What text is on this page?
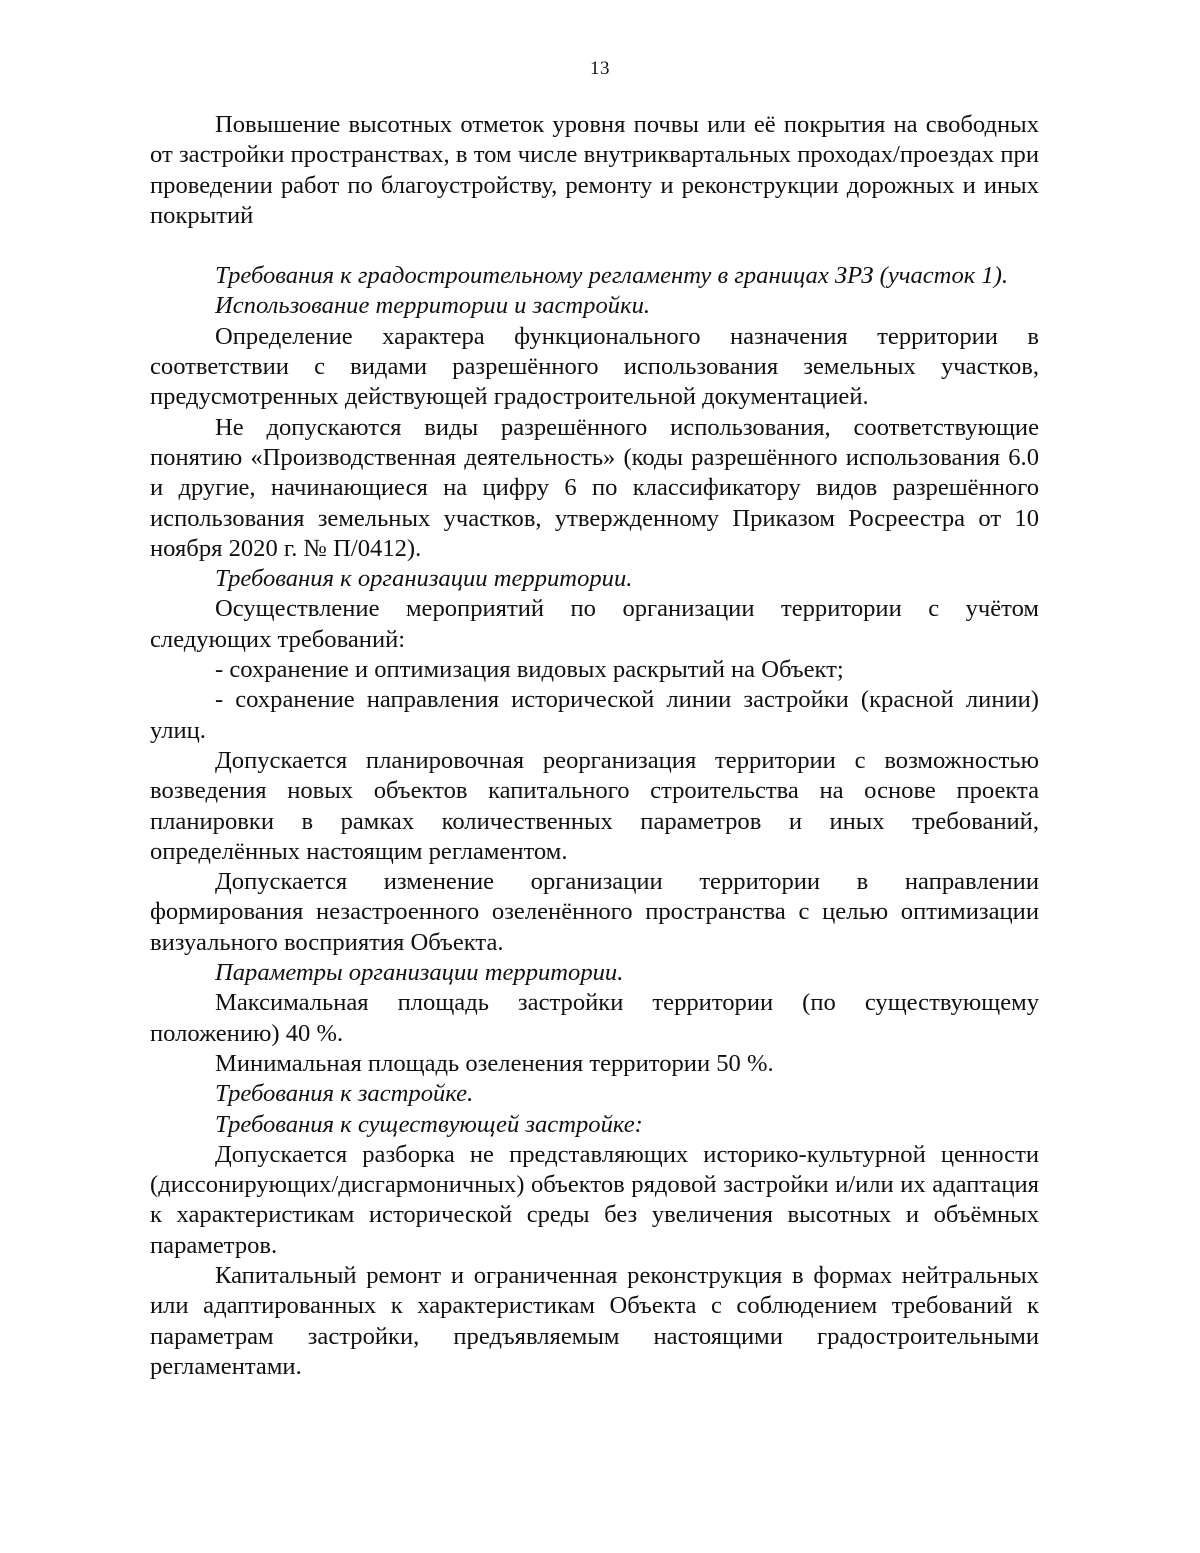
13

Повышение высотных отметок уровня почвы или её покрытия на свободных от застройки пространствах, в том числе внутриквартальных проходах/проездах при проведении работ по благоустройству, ремонту и реконструкции дорожных и иных покрытий

Требования к градостроительному регламенту в границах ЗРЗ (участок 1).

Использование территории и застройки.

Определение характера функционального назначения территории в соответствии с видами разрешённого использования земельных участков, предусмотренных действующей градостроительной документацией.

Не допускаются виды разрешённого использования, соответствующие понятию «Производственная деятельность» (коды разрешённого использования 6.0 и другие, начинающиеся на цифру 6 по классификатору видов разрешённого использования земельных участков, утвержденному Приказом Росреестра от 10 ноября 2020 г. № П/0412).

Требования к организации территории.

Осуществление мероприятий по организации территории с учётом следующих требований:

- сохранение и оптимизация видовых раскрытий на Объект;

- сохранение направления исторической линии застройки (красной линии) улиц.

Допускается планировочная реорганизация территории с возможностью возведения новых объектов капитального строительства на основе проекта планировки в рамках количественных параметров и иных требований, определённых настоящим регламентом.

Допускается изменение организации территории в направлении формирования незастроенного озеленённого пространства с целью оптимизации визуального восприятия Объекта.

Параметры организации территории.

Максимальная площадь застройки территории (по существующему положению) 40 %.

Минимальная площадь озеленения территории 50 %.

Требования к застройке.

Требования к существующей застройке:

Допускается разборка не представляющих историко-культурной ценности (диссонирующих/дисгармоничных) объектов рядовой застройки и/или их адаптация к характеристикам исторической среды без увеличения высотных и объёмных параметров.

Капитальный ремонт и ограниченная реконструкция в формах нейтральных или адаптированных к характеристикам Объекта с соблюдением требований к параметрам застройки, предъявляемым настоящими градостроительными регламентами.
